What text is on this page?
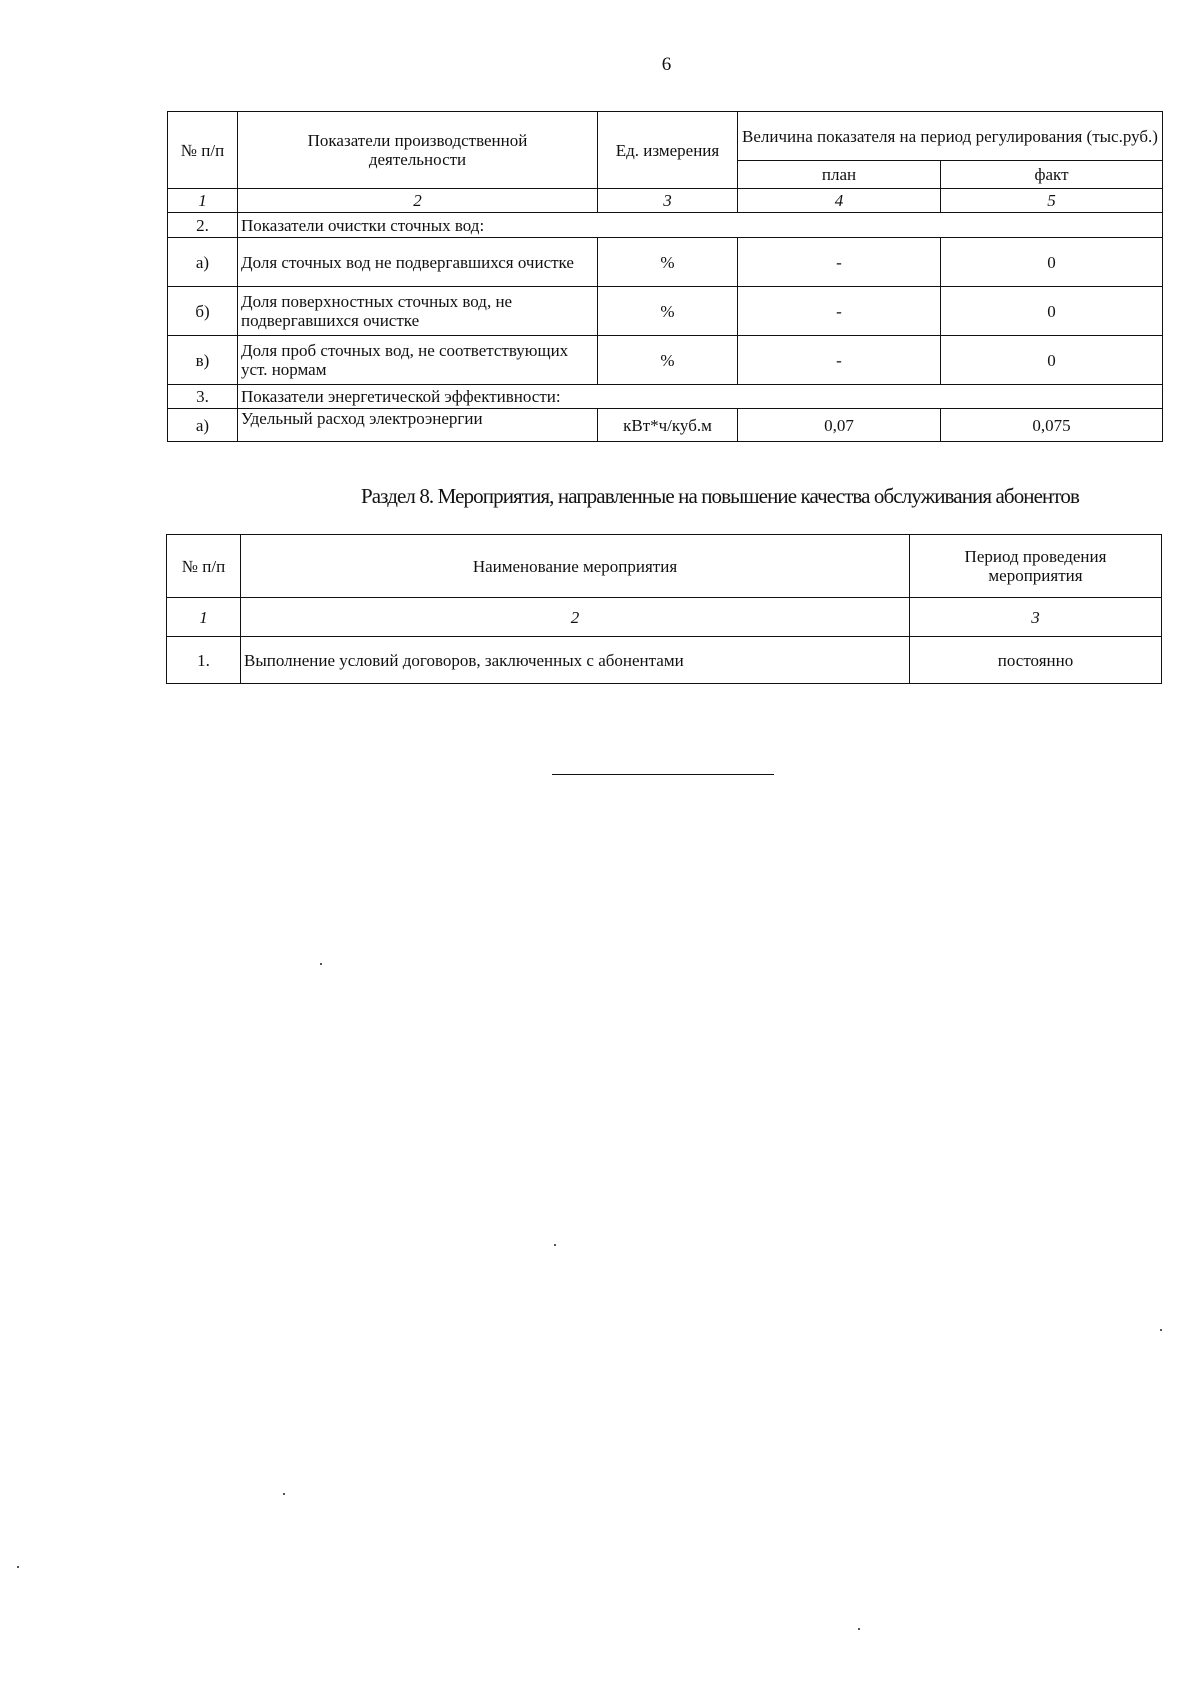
6
№ п/п	Показатели производственной деятельности	Ед. измерения	Величина показателя на период регулирования (тыс.руб.)	
			план	факт
1	2	3	4	5
2.	Показатели очистки сточных вод:			
а)	Доля сточных вод не подвергавшихся очистке	%	-	0
б)	Доля поверхностных сточных вод, не подвергавшихся очистке	%	-	0
в)	Доля проб сточных вод, не соответствующих уст. нормам	%	-	0
3.	Показатели энергетической эффективности:			
а)	Удельный расход электроэнергии	кВт*ч/куб.м	0,07	0,075
Раздел 8. Мероприятия, направленные на повышение качества обслуживания абонентов
№ п/п	Наименование мероприятия	Период проведения мероприятия
1	2	3
1.	Выполнение условий договоров, заключенных с абонентами	постоянно
